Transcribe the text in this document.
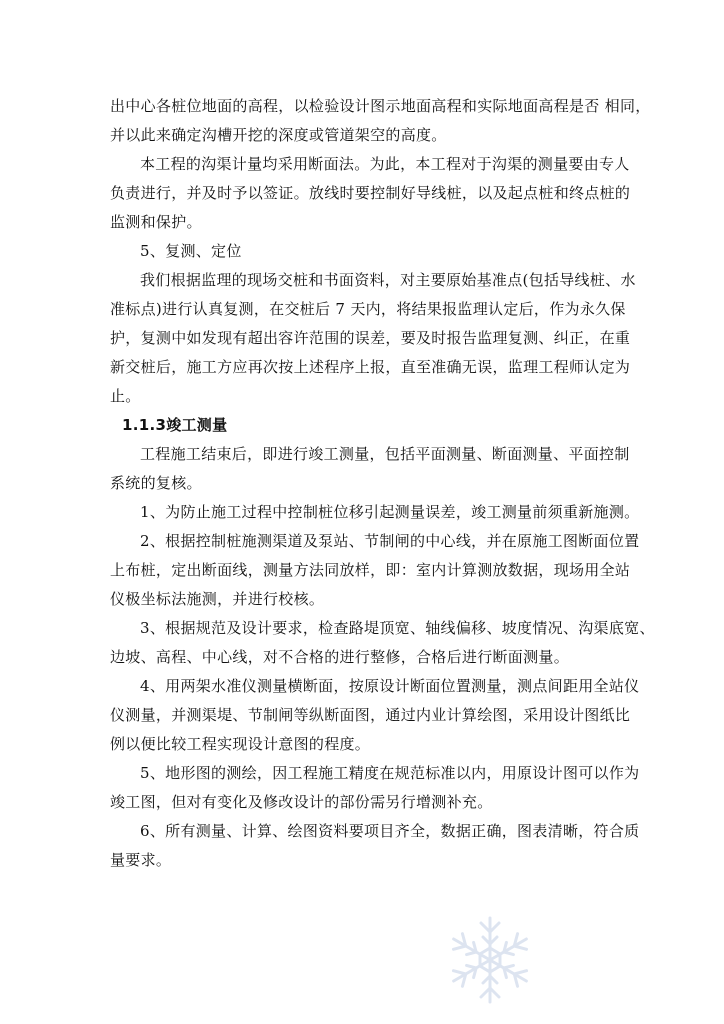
出中心各桩位地面的高程，以检验设计图示地面高程和实际地面高程是否 相同，

并以此来确定沟槽开挖的深度或管道架空的高度。

本工程的沟渠计量均采用断面法。为此，本工程对于沟渠的测量要由专人

负责进行，并及时予以签证。放线时要控制好导线桩，以及起点桩和终点桩的

监测和保护。

5、复测、定位

我们根据监理的现场交桩和书面资料，对主要原始基准点(包括导线桩、水

准标点)进行认真复测，在交桩后 7 天内，将结果报监理认定后，作为永久保

护，复测中如发现有超出容许范围的误差，要及时报告监理复测、纠正，在重

新交桩后，施工方应再次按上述程序上报，直至准确无误，监理工程师认定为

止。

1.1.3竣工测量

工程施工结束后，即进行竣工测量，包括平面测量、断面测量、平面控制

系统的复核。

1、为防止施工过程中控制桩位移引起测量误差，竣工测量前须重新施测。

2、根据控制桩施测渠道及泵站、节制闸的中心线，并在原施工图断面位置

上布桩，定出断面线，测量方法同放样，即：室内计算测放数据，现场用全站

仪极坐标法施测，并进行校核。

3、根据规范及设计要求，检查路堤顶宽、轴线偏移、坡度情况、沟渠底宽、

边坡、高程、中心线，对不合格的进行整修，合格后进行断面测量。

4、用两架水准仪测量横断面，按原设计断面位置测量，测点间距用全站仪

仪测量，并测渠堤、节制闸等纵断面图，通过内业计算绘图，采用设计图纸比

例以便比较工程实现设计意图的程度。

5、地形图的测绘，因工程施工精度在规范标准以内，用原设计图可以作为

竣工图，但对有变化及修改设计的部份需另行增测补充。

6、所有测量、计算、绘图资料要项目齐全，数据正确，图表清晰，符合质

量要求。
